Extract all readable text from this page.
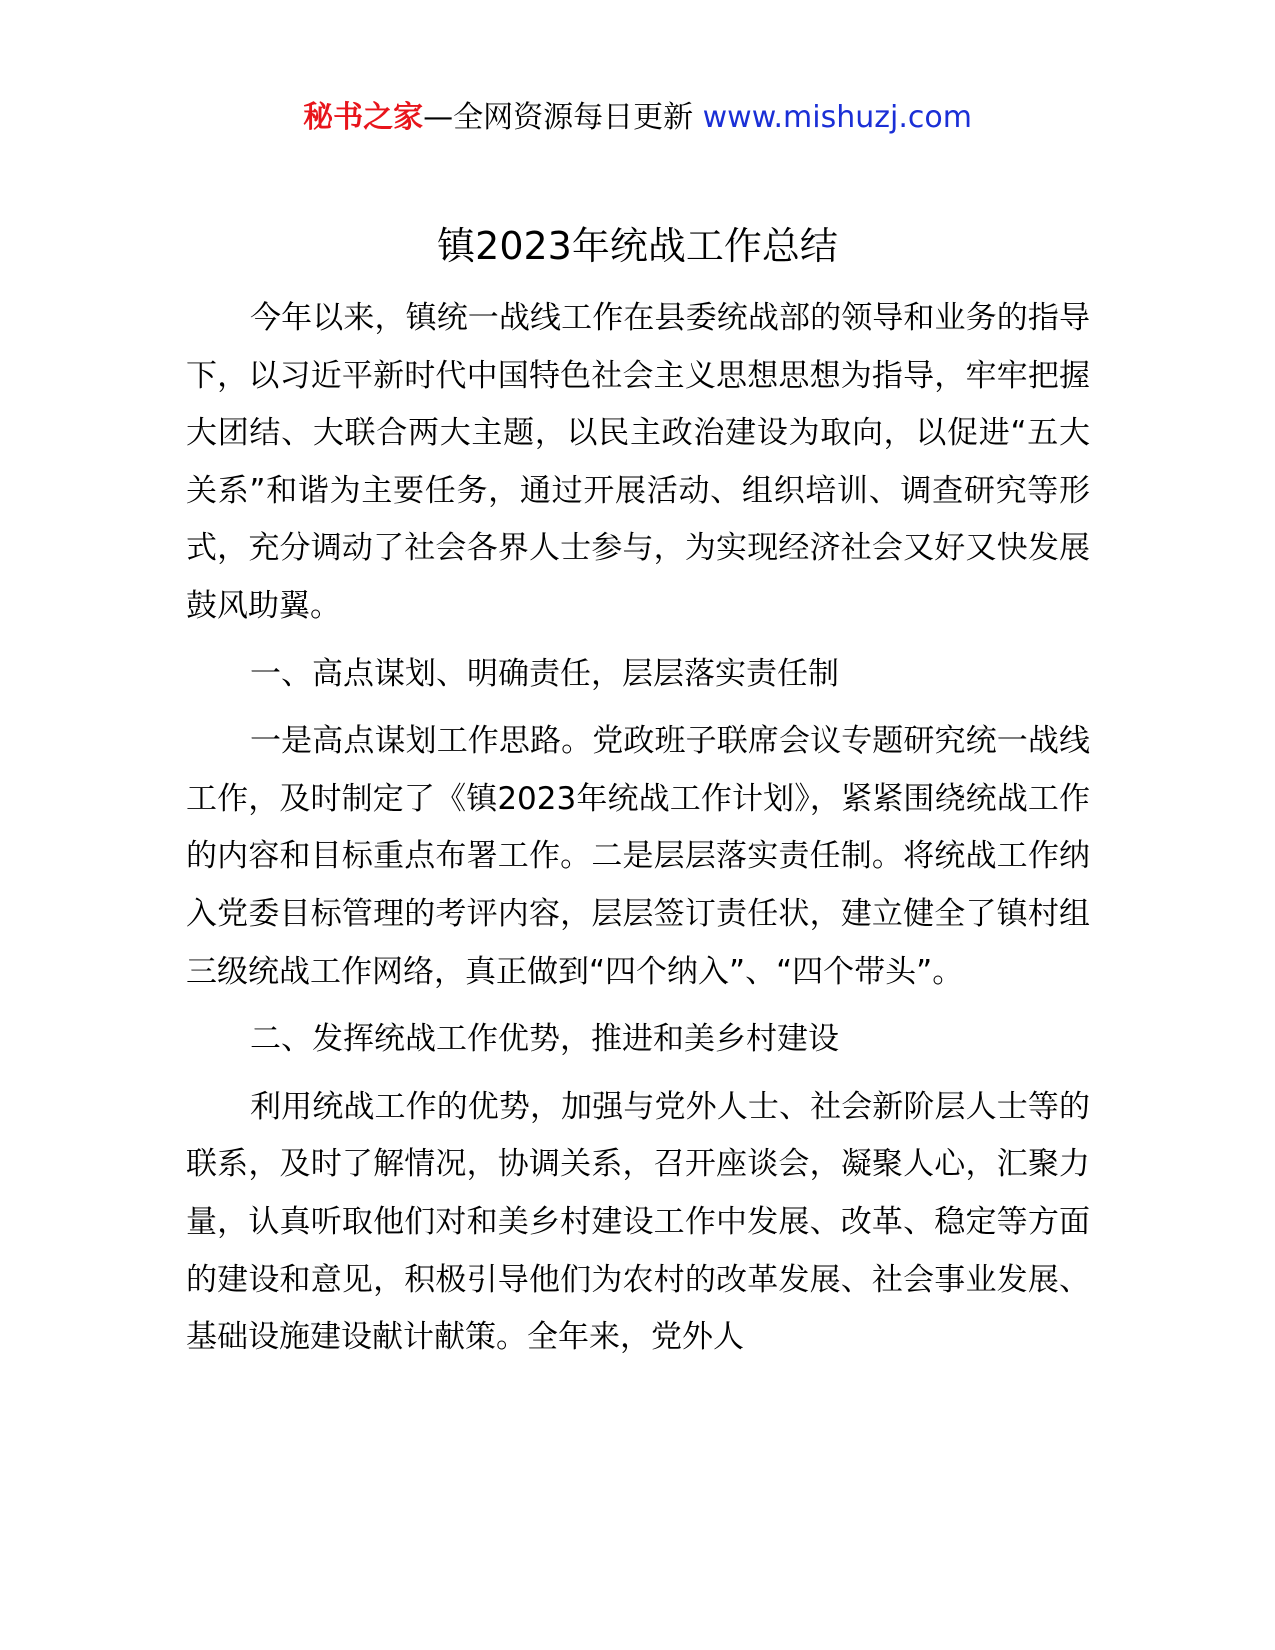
秘书之家—全网资源每日更新 www.mishuzj.com
镇2023年统战工作总结

今年以来，镇统一战线工作在县委统战部的领导和业务的指导下，以习近平新时代中国特色社会主义思想思想为指导，牢牢把握大团结、大联合两大主题，以民主政治建设为取向，以促进“五大关系”和谐为主要任务，通过开展活动、组织培训、调查研究等形式，充分调动了社会各界人士参与，为实现经济社会又好又快发展鼓风助翼。

一、高点谋划、明确责任，层层落实责任制

一是高点谋划工作思路。党政班子联席会议专题研究统一战线工作，及时制定了《镇2023年统战工作计划》，紧紧围绕统战工作的内容和目标重点布署工作。二是层层落实责任制。将统战工作纳入党委目标管理的考评内容，层层签订责任状，建立健全了镇村组三级统战工作网络，真正做到“四个纳入”、“四个带头”。

二、发挥统战工作优势，推进和美乡村建设

利用统战工作的优势，加强与党外人士、社会新阶层人士等的联系，及时了解情况，协调关系，召开座谈会，凝聚人心，汇聚力量，认真听取他们对和美乡村建设工作中发展、改革、稳定等方面的建设和意见，积极引导他们为农村的改革发展、社会事业发展、基础设施建设献计献策。全年来，党外人
